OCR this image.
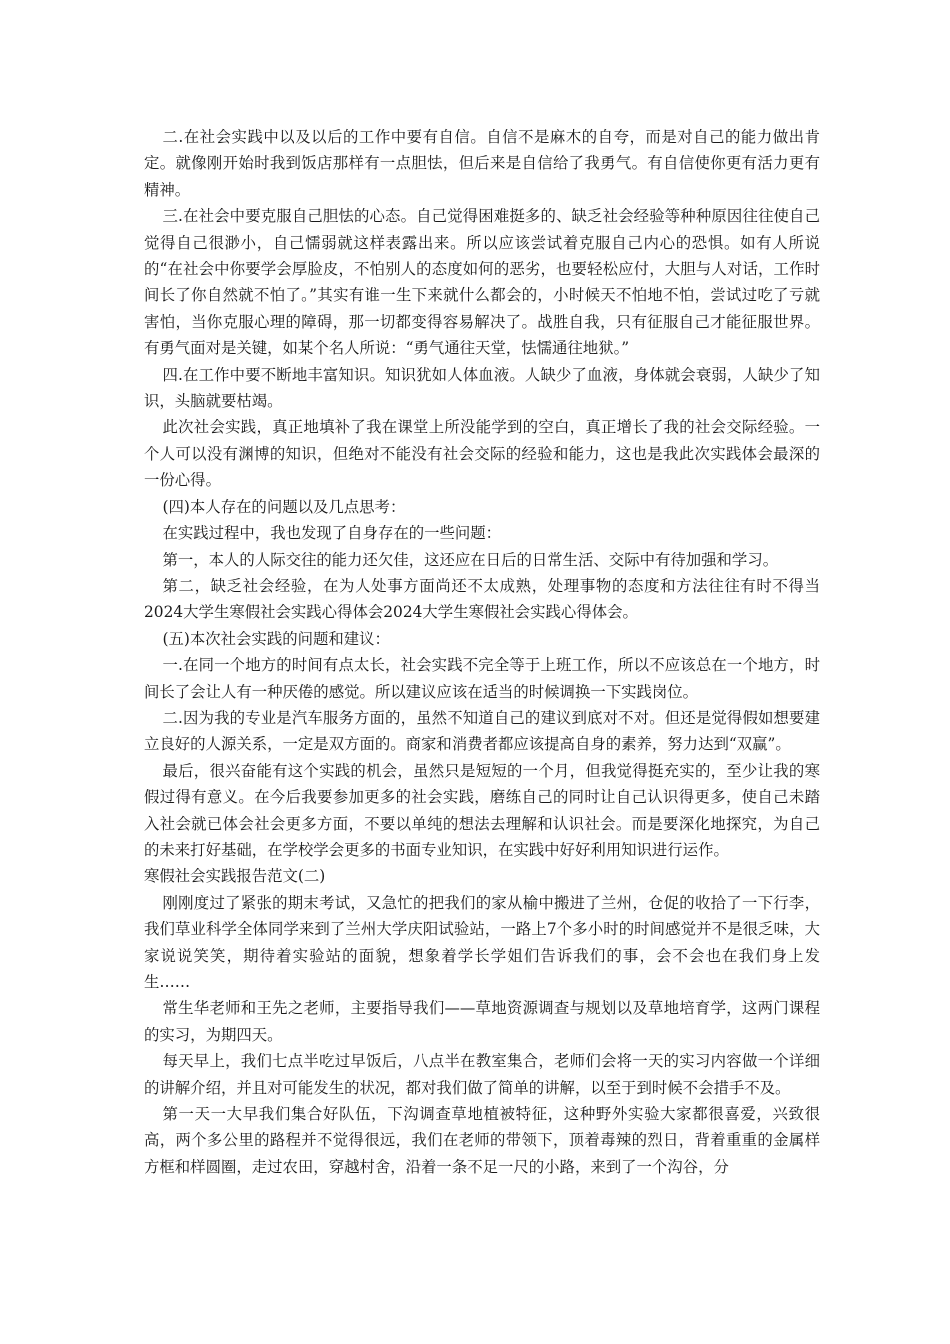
二.在社会实践中以及以后的工作中要有自信。自信不是麻木的自夸，而是对自己的能力做出肯定。就像刚开始时我到饭店那样有一点胆怯，但后来是自信给了我勇气。有自信使你更有活力更有精神。

三.在社会中要克服自己胆怯的心态。自己觉得困难挺多的、缺乏社会经验等种种原因往往使自己觉得自己很渺小，自己懦弱就这样表露出来。所以应该尝试着克服自己内心的恐惧。如有人所说的“在社会中你要学会厚脸皮，不怕别人的态度如何的恶劣，也要轻松应付，大胆与人对话，工作时间长了你自然就不怕了。”其实有谁一生下来就什么都会的，小时候天不怕地不怕，尝试过吃了亏就害怕，当你克服心理的障碍，那一切都变得容易解决了。战胜自我，只有征服自己才能征服世界。有勇气面对是关键，如某个名人所说：“勇气通往天堂，怯懦通往地狱。”

四.在工作中要不断地丰富知识。知识犹如人体血液。人缺少了血液，身体就会衰弱，人缺少了知识，头脑就要枯竭。

此次社会实践，真正地填补了我在课堂上所没能学到的空白，真正增长了我的社会交际经验。一个人可以没有渊博的知识，但绝对不能没有社会交际的经验和能力，这也是我此次实践体会最深的一份心得。

(四)本人存在的问题以及几点思考：

在实践过程中，我也发现了自身存在的一些问题：

第一，本人的人际交往的能力还欠佳，这还应在日后的日常生活、交际中有待加强和学习。

第二，缺乏社会经验，在为人处事方面尚还不太成熟，处理事物的态度和方法往往有时不得当2024大学生寒假社会实践心得体会2024大学生寒假社会实践心得体会。

(五)本次社会实践的问题和建议：

一.在同一个地方的时间有点太长，社会实践不完全等于上班工作，所以不应该总在一个地方，时间长了会让人有一种厌倦的感觉。所以建议应该在适当的时候调换一下实践岗位。

二.因为我的专业是汽车服务方面的，虽然不知道自己的建议到底对不对。但还是觉得假如想要建立良好的人源关系，一定是双方面的。商家和消费者都应该提高自身的素养，努力达到“双赢”。

最后，很兴奋能有这个实践的机会，虽然只是短短的一个月，但我觉得挺充实的，至少让我的寒假过得有意义。在今后我要参加更多的社会实践，磨练自己的同时让自己认识得更多，使自己未踏入社会就已体会社会更多方面，不要以单纯的想法去理解和认识社会。而是要深化地探究，为自己的未来打好基础，在学校学会更多的书面专业知识，在实践中好好利用知识进行运作。

寒假社会实践报告范文(二)

刚刚度过了紧张的期末考试，又急忙的把我们的家从榆中搬进了兰州，仓促的收拾了一下行李，我们草业科学全体同学来到了兰州大学庆阳试验站，一路上7个多小时的时间感觉并不是很乏味，大家说说笑笑，期待着实验站的面貌，想象着学长学姐们告诉我们的事，会不会也在我们身上发生……

常生华老师和王先之老师，主要指导我们——草地资源调查与规划以及草地培育学，这两门课程的实习，为期四天。

每天早上，我们七点半吃过早饭后，八点半在教室集合，老师们会将一天的实习内容做一个详细的讲解介绍，并且对可能发生的状况，都对我们做了简单的讲解，以至于到时候不会措手不及。

第一天一大早我们集合好队伍，下沟调查草地植被特征，这种野外实验大家都很喜爱，兴致很高，两个多公里的路程并不觉得很远，我们在老师的带领下，顶着毒辣的烈日，背着重重的金属样方框和样圆圈，走过农田，穿越村舍，沿着一条不足一尺的小路，来到了一个沟谷，分
